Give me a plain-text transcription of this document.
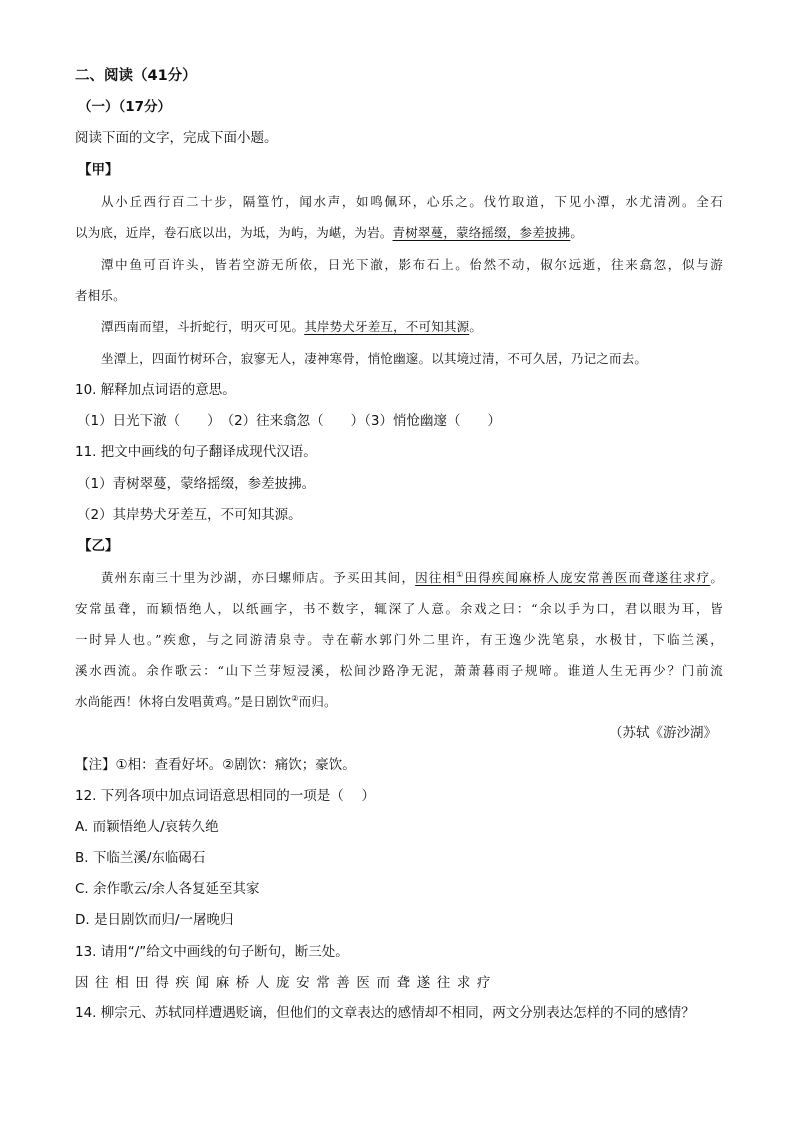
二、阅读（41分）
（一）（17分）
阅读下面的文字，完成下面小题。
【甲】
从小丘西行百二十步，隔篁竹，闻水声，如鸣佩环，心乐之。伐竹取道，下见小潭，水尤清冽。全石
以为底，近岸，卷石底以出，为坻，为屿，为嵁，为岩。青树翠蔓，蒙络摇缀，参差披拂。
潭中鱼可百许头，皆若空游无所依，日光下澈，影布石上。佁然不动，俶尔远逝，往来翕忽，似与游
者相乐。
潭西南而望，斗折蛇行，明灭可见。其岸势犬牙差互，不可知其源。
坐潭上，四面竹树环合，寂寥无人，凄神寒骨，悄怆幽邃。以其境过清，不可久居，乃记之而去。
10. 解释加点词语的意思。
（1）日光下澈（　　）　（2）往来翕忽（　　）（3）悄怆幽邃（　　）
11. 把文中画线的句子翻译成现代汉语。
（1）青树翠蔓，蒙络摇缀，参差披拂。
（2）其岸势犬牙差互，不可知其源。
【乙】
黄州东南三十里为沙湖，亦曰螺师店。予买田其间，因往相①田得疾闻麻桥人庞安常善医而聋遂往求疗。
安常虽聋，而颖悟绝人，以纸画字，书不数字，辄深了人意。余戏之曰：“余以手为口，君以眼为耳，皆
一时异人也。”疾愈，与之同游清泉寺。寺在蕲水郭门外二里许，有王逸少洗笔泉，水极甘，下临兰溪，
溪水西流。余作歌云：“山下兰芽短浸溪，松间沙路净无泥，萧萧暮雨子规啼。谁道人生无再少？门前流
水尚能西！休将白发唱黄鸡。”是日剧饮②而归。
（苏轼《游沙湖》
【注】①相：查看好坏。②剧饮：痛饮；豪饮。
12. 下列各项中加点词语意思相同的一项是（　 ）
A. 而颖悟绝人/哀转久绝
B. 下临兰溪/东临碣石
C. 余作歌云/余人各复延至其家
D. 是日剧饮而归/一屠晚归
13. 请用“/”给文中画线的句子断句，断三处。
因往相田得疾闻麻桥人庞安常善医而聋遂往求疗
14. 柳宗元、苏轼同样遭遇贬谪，但他们的文章表达的感情却不相同，两文分别表达怎样的不同的感情？
